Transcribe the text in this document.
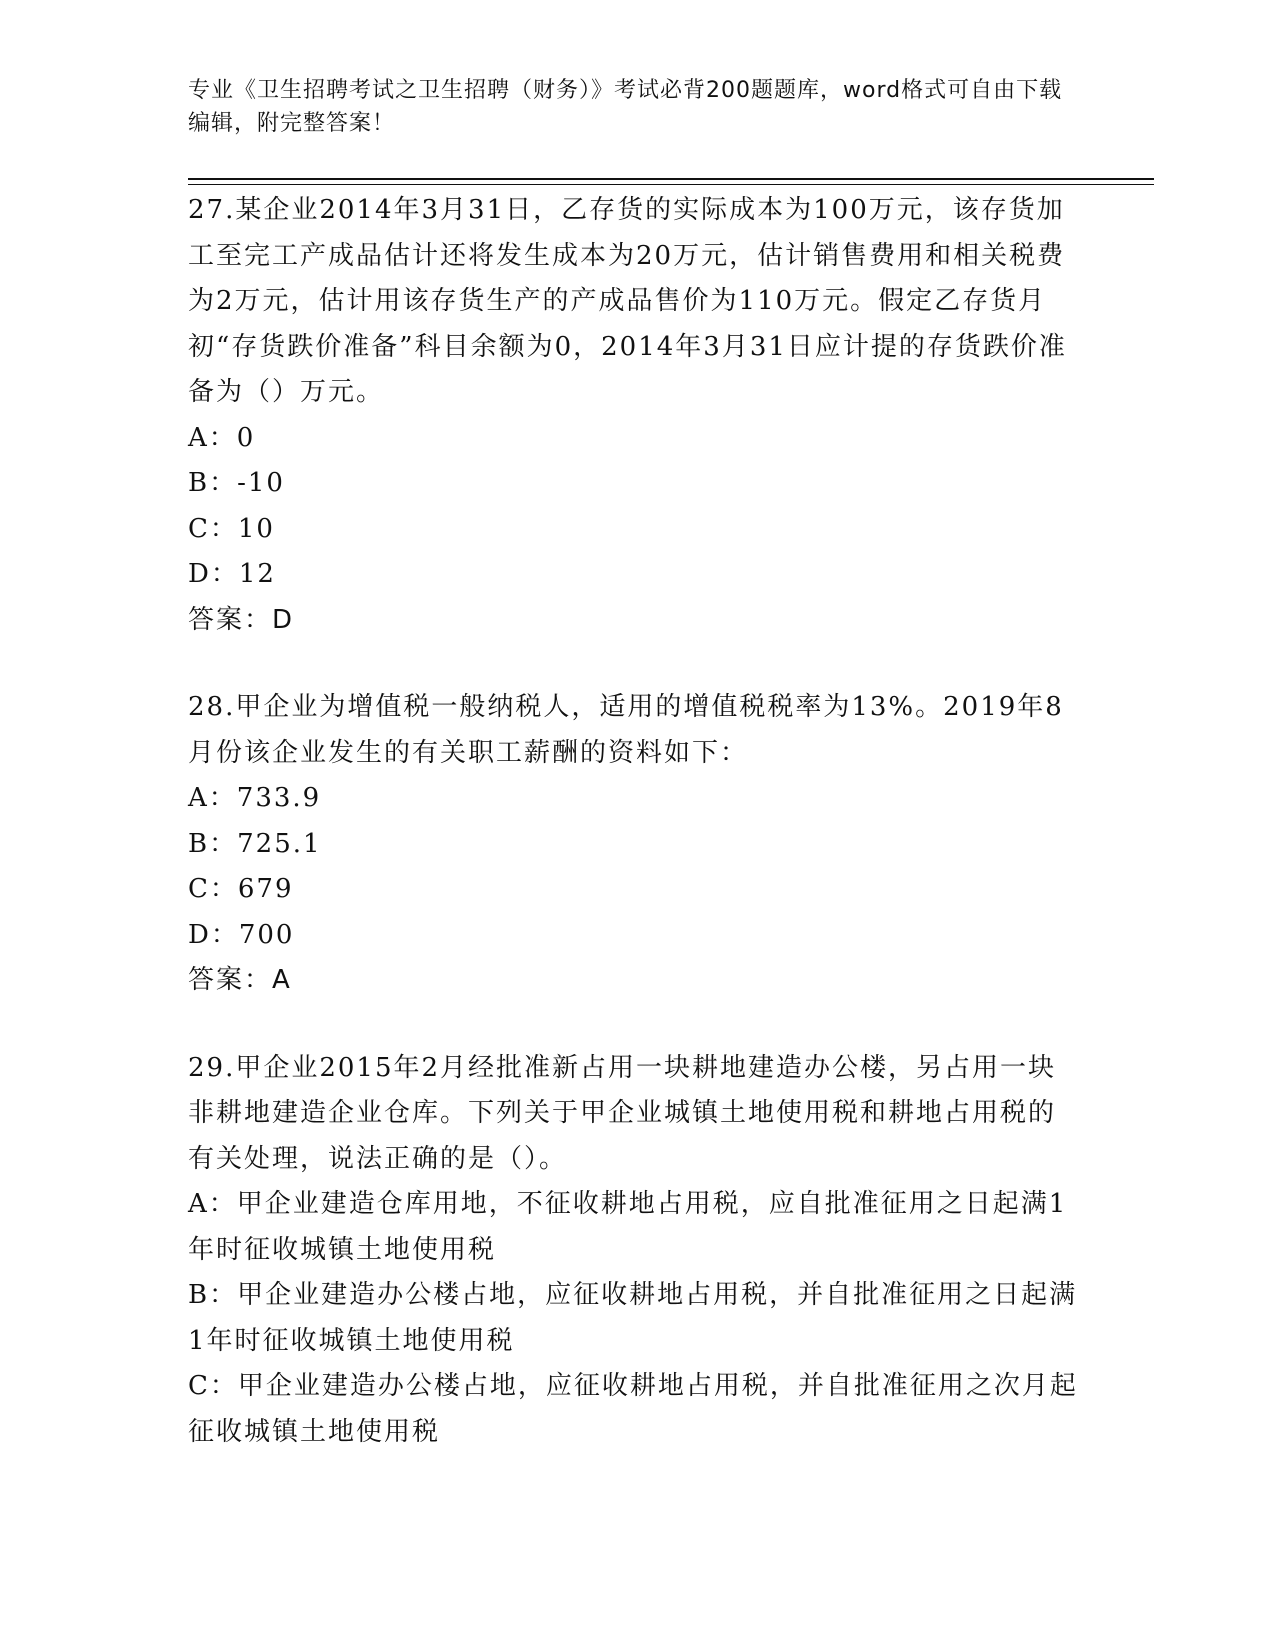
专业《卫生招聘考试之卫生招聘（财务）》考试必背200题题库，word格式可自由下载编辑，附完整答案！

27.某企业2014年3月31日，乙存货的实际成本为100万元，该存货加工至完工产成品估计还将发生成本为20万元，估计销售费用和相关税费为2万元，估计用该存货生产的产成品售价为110万元。假定乙存货月初“存货跌价准备”科目余额为0，2014年3月31日应计提的存货跌价准备为（）万元。

A：0

B：-10

C：10

D：12

答案：D

28.甲企业为增值税一般纳税人，适用的增值税税率为13%。2019年8月份该企业发生的有关职工薪酬的资料如下：

A：733.9

B：725.1

C：679

D：700

答案：A

29.甲企业2015年2月经批准新占用一块耕地建造办公楼，另占用一块非耕地建造企业仓库。下列关于甲企业城镇土地使用税和耕地占用税的有关处理，说法正确的是（）。

A：甲企业建造仓库用地，不征收耕地占用税，应自批准征用之日起满1年时征收城镇土地使用税

B：甲企业建造办公楼占地，应征收耕地占用税，并自批准征用之日起满1年时征收城镇土地使用税

C：甲企业建造办公楼占地，应征收耕地占用税，并自批准征用之次月起征收城镇土地使用税
